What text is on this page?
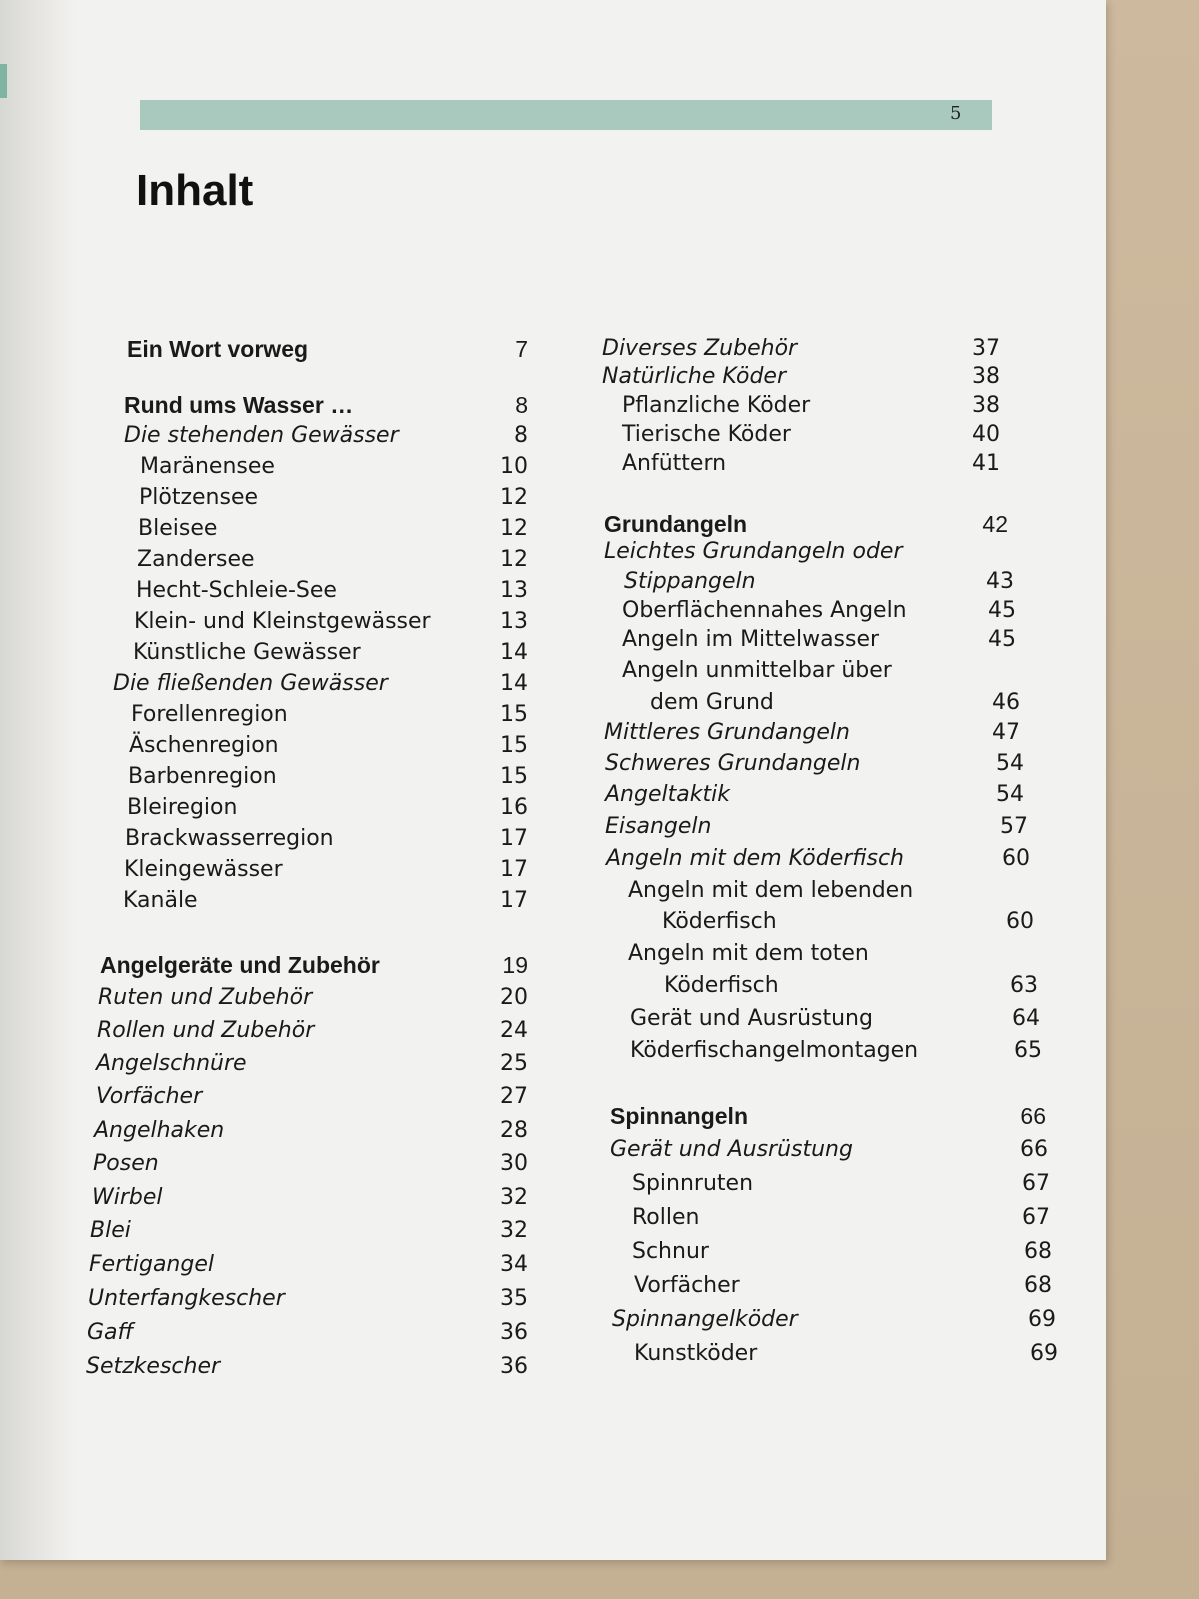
5
Inhalt
Ein Wort vorweg	7
Rund ums Wasser …	8
Die stehenden Gewässer	8
Maränensee	10
Plötzensee	12
Bleisee	12
Zandersee	12
Hecht-Schleie-See	13
Klein- und Kleinstgewässer	13
Künstliche Gewässer	14
Die fließenden Gewässer	14
Forellenregion	15
Äschenregion	15
Barbenregion	15
Bleiregion	16
Brackwasserregion	17
Kleingewässer	17
Kanäle	17
Angelgeräte und Zubehör	19
Ruten und Zubehör	20
Rollen und Zubehör	24
Angelschnüre	25
Vorfächer	27
Angelhaken	28
Posen	30
Wirbel	32
Blei	32
Fertigangel	34
Unterfangkescher	35
Gaff	36
Setzkescher	36
Diverses Zubehör	37
Natürliche Köder	38
Pflanzliche Köder	38
Tierische Köder	40
Anfüttern	41
Grundangeln	42
Leichtes Grundangeln oder
Stippangeln	43
Oberflächennahes Angeln	45
Angeln im Mittelwasser	45
Angeln unmittelbar über
dem Grund	46
Mittleres Grundangeln	47
Schweres Grundangeln	54
Angeltaktik	54
Eisangeln	57
Angeln mit dem Köderfisch	60
Angeln mit dem lebenden
Köderfisch	60
Angeln mit dem toten
Köderfisch	63
Gerät und Ausrüstung	64
Köderfischangelmontagen	65
Spinnangeln	66
Gerät und Ausrüstung	66
Spinnruten	67
Rollen	67
Schnur	68
Vorfächer	68
Spinnangelköder	69
Kunstköder	69
